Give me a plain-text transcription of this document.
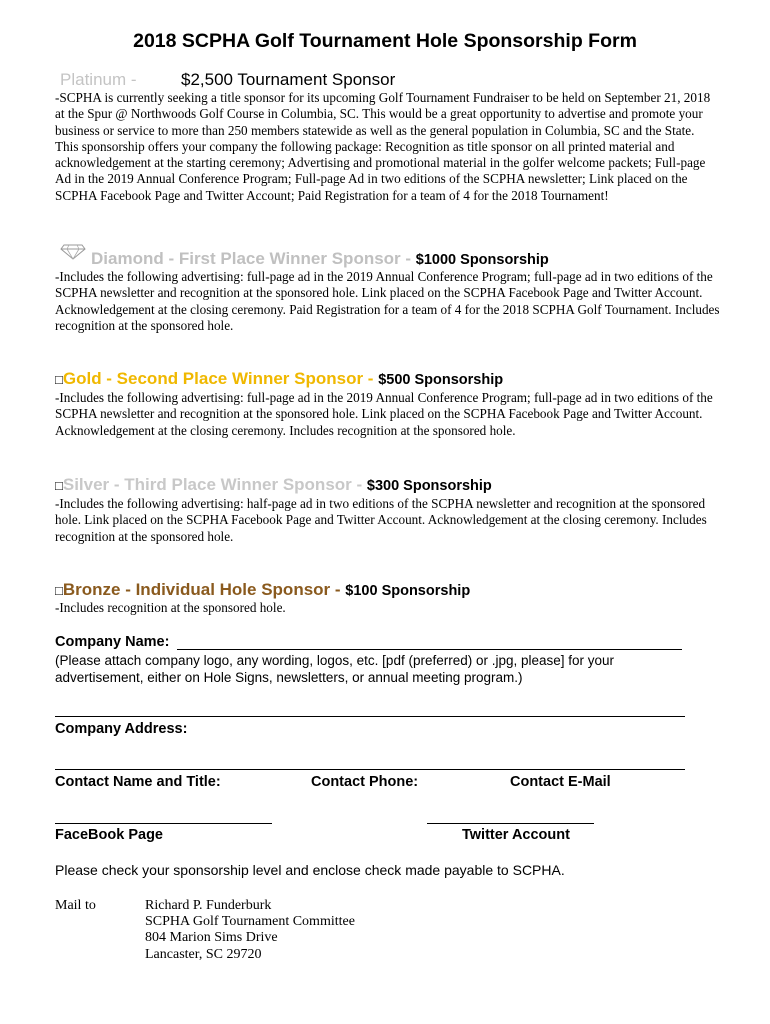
2018 SCPHA Golf Tournament Hole Sponsorship Form
Platinum -	$2,500 Tournament Sponsor
-SCPHA is currently seeking a title sponsor for its upcoming Golf Tournament Fundraiser to be held on September 21, 2018 at the Spur @ Northwoods Golf Course in Columbia, SC. This would be a great opportunity to advertise and promote your business or service to more than 250 members statewide as well as the general population in Columbia, SC and the State. This sponsorship offers your company the following package: Recognition as title sponsor on all printed material and acknowledgement at the starting ceremony; Advertising and promotional material in the golfer welcome packets; Full-page Ad in the 2019 Annual Conference Program; Full-page Ad in two editions of the SCPHA newsletter; Link placed on the SCPHA Facebook Page and Twitter Account; Paid Registration for a team of 4 for the 2018 Tournament!
Diamond - First Place Winner Sponsor - $1000 Sponsorship
-Includes the following advertising: full-page ad in the 2019 Annual Conference Program; full-page ad in two editions of the SCPHA newsletter and recognition at the sponsored hole. Link placed on the SCPHA Facebook Page and Twitter Account. Acknowledgement at the closing ceremony. Paid Registration for a team of 4 for the 2018 SCPHA Golf Tournament. Includes recognition at the sponsored hole.
□Gold - Second Place Winner Sponsor - $500 Sponsorship
-Includes the following advertising: full-page ad in the 2019 Annual Conference Program; full-page ad in two editions of the SCPHA newsletter and recognition at the sponsored hole. Link placed on the SCPHA Facebook Page and Twitter Account. Acknowledgement at the closing ceremony. Includes recognition at the sponsored hole.
□Silver - Third Place Winner Sponsor - $300 Sponsorship
-Includes the following advertising: half-page ad in two editions of the SCPHA newsletter and recognition at the sponsored hole. Link placed on the SCPHA Facebook Page and Twitter Account. Acknowledgement at the closing ceremony. Includes recognition at the sponsored hole.
□Bronze - Individual Hole Sponsor - $100 Sponsorship
-Includes recognition at the sponsored hole.
Company Name:
(Please attach company logo, any wording, logos, etc. [pdf (preferred) or .jpg, please] for your advertisement, either on Hole Signs, newsletters, or annual meeting program.)
Company Address:
Contact Name and Title:	Contact Phone:	Contact E-Mail
FaceBook Page	Twitter Account
Please check your sponsorship level and enclose check made payable to SCPHA.
Mail to	Richard P. Funderburk
SCPHA Golf Tournament Committee
804 Marion Sims Drive
Lancaster, SC 29720
